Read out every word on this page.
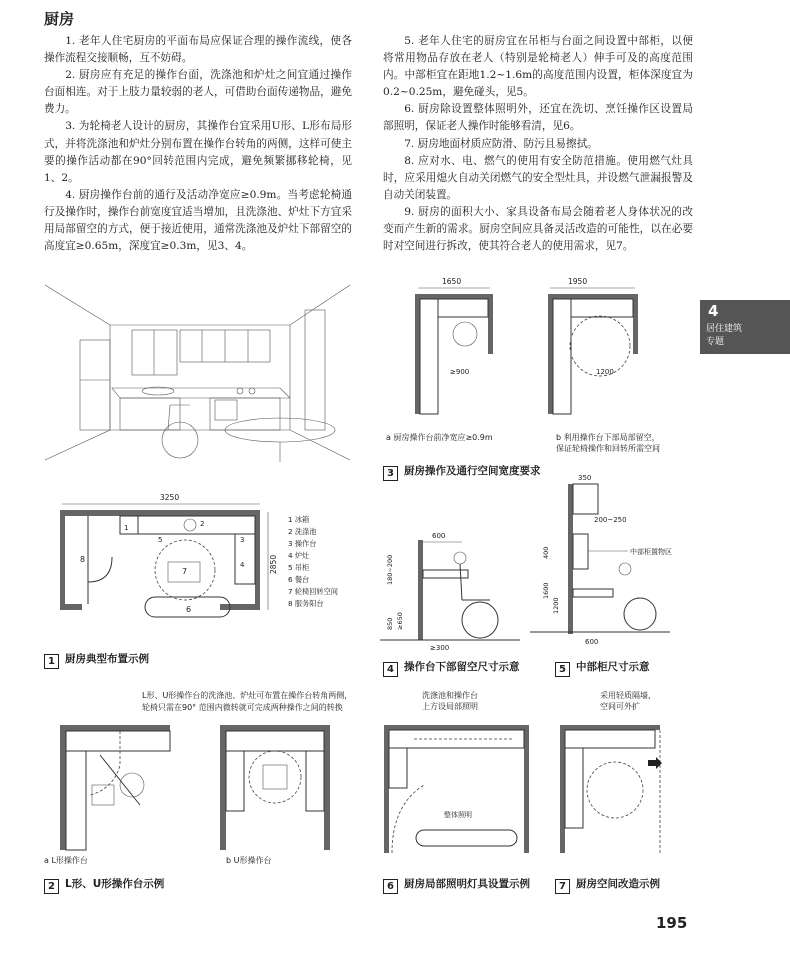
厨房

1. 老年人住宅厨房的平面布局应保证合理的操作流线，使各操作流程交接顺畅，互不妨碍。

2. 厨房应有充足的操作台面，洗涤池和炉灶之间宜通过操作台面相连。对于上肢力量较弱的老人，可借助台面传递物品，避免费力。

3. 为轮椅老人设计的厨房，其操作台宜采用U形、L形布局形式，并将洗涤池和炉灶分别布置在操作台转角的两侧，这样可使主要的操作活动都在90°回转范围内完成，避免频繁挪移轮椅，见1、2。

4. 厨房操作台前的通行及活动净宽应≥0.9m。当考虑轮椅通行及操作时，操作台前宽度宜适当增加，且洗涤池、炉灶下方宜采用局部留空的方式，便于接近使用，通常洗涤池及炉灶下部留空的高度宜≥0.65m，深度宜≥0.3m，见3、4。

5. 老年人住宅的厨房宜在吊柜与台面之间设置中部柜，以便将常用物品存放在老人（特别是轮椅老人）伸手可及的高度范围内。中部柜宜在距地1.2~1.6m的高度范围内设置，柜体深度宜为0.2~0.25m，避免碰头，见5。

6. 厨房除设置整体照明外，还宜在洗切、烹饪操作区设置局部照明，保证老人操作时能够看清，见6。

7. 厨房地面材质应防滑、防污且易擦拭。

8. 应对水、电、燃气的使用有安全防范措施。使用燃气灶具时，应采用熄火自动关闭燃气的安全型灶具，并设燃气泄漏报警及自动关闭装置。

9. 厨房的面积大小、家具设备布局会随着老人身体状况的改变而产生新的需求。厨房空间应具备灵活改造的可能性，以在必要时对空间进行拆改，使其符合老人的使用需求，见7。

4
居住建筑
专题
3250
8
1
5
2
3
4
7
6
2850
1 冰箱
2 洗涤池
3 操作台
4 炉灶
5 吊柜
6 餐台
7 轮椅回转空间
8 服务阳台
1 厨房典型布置示例
L形、U形操作台的洗涤池、炉灶可布置在操作台转角两侧，
轮椅只需在90° 范围内微转就可完成两种操作之间的转换
a L形操作台	b U形操作台
2 L形、U形操作台示例
1650
≥900
1950
1200
a 厨房操作台前净宽应≥0.9m	b 利用操作台下部局部留空，
保证轮椅操作和回转所需空间
3 厨房操作及通行空间宽度要求
600
180~200
850 ≥650
≥300
4 操作台下部留空尺寸示意
350
200~250
中部柜置物区
400
1600
1200
600
5 中部柜尺寸示意
洗涤池和操作台
上方设局部照明
整体照明
6 厨房局部照明灯具设置示例
采用轻质隔墙，
空间可外扩
7 厨房空间改造示例
195
